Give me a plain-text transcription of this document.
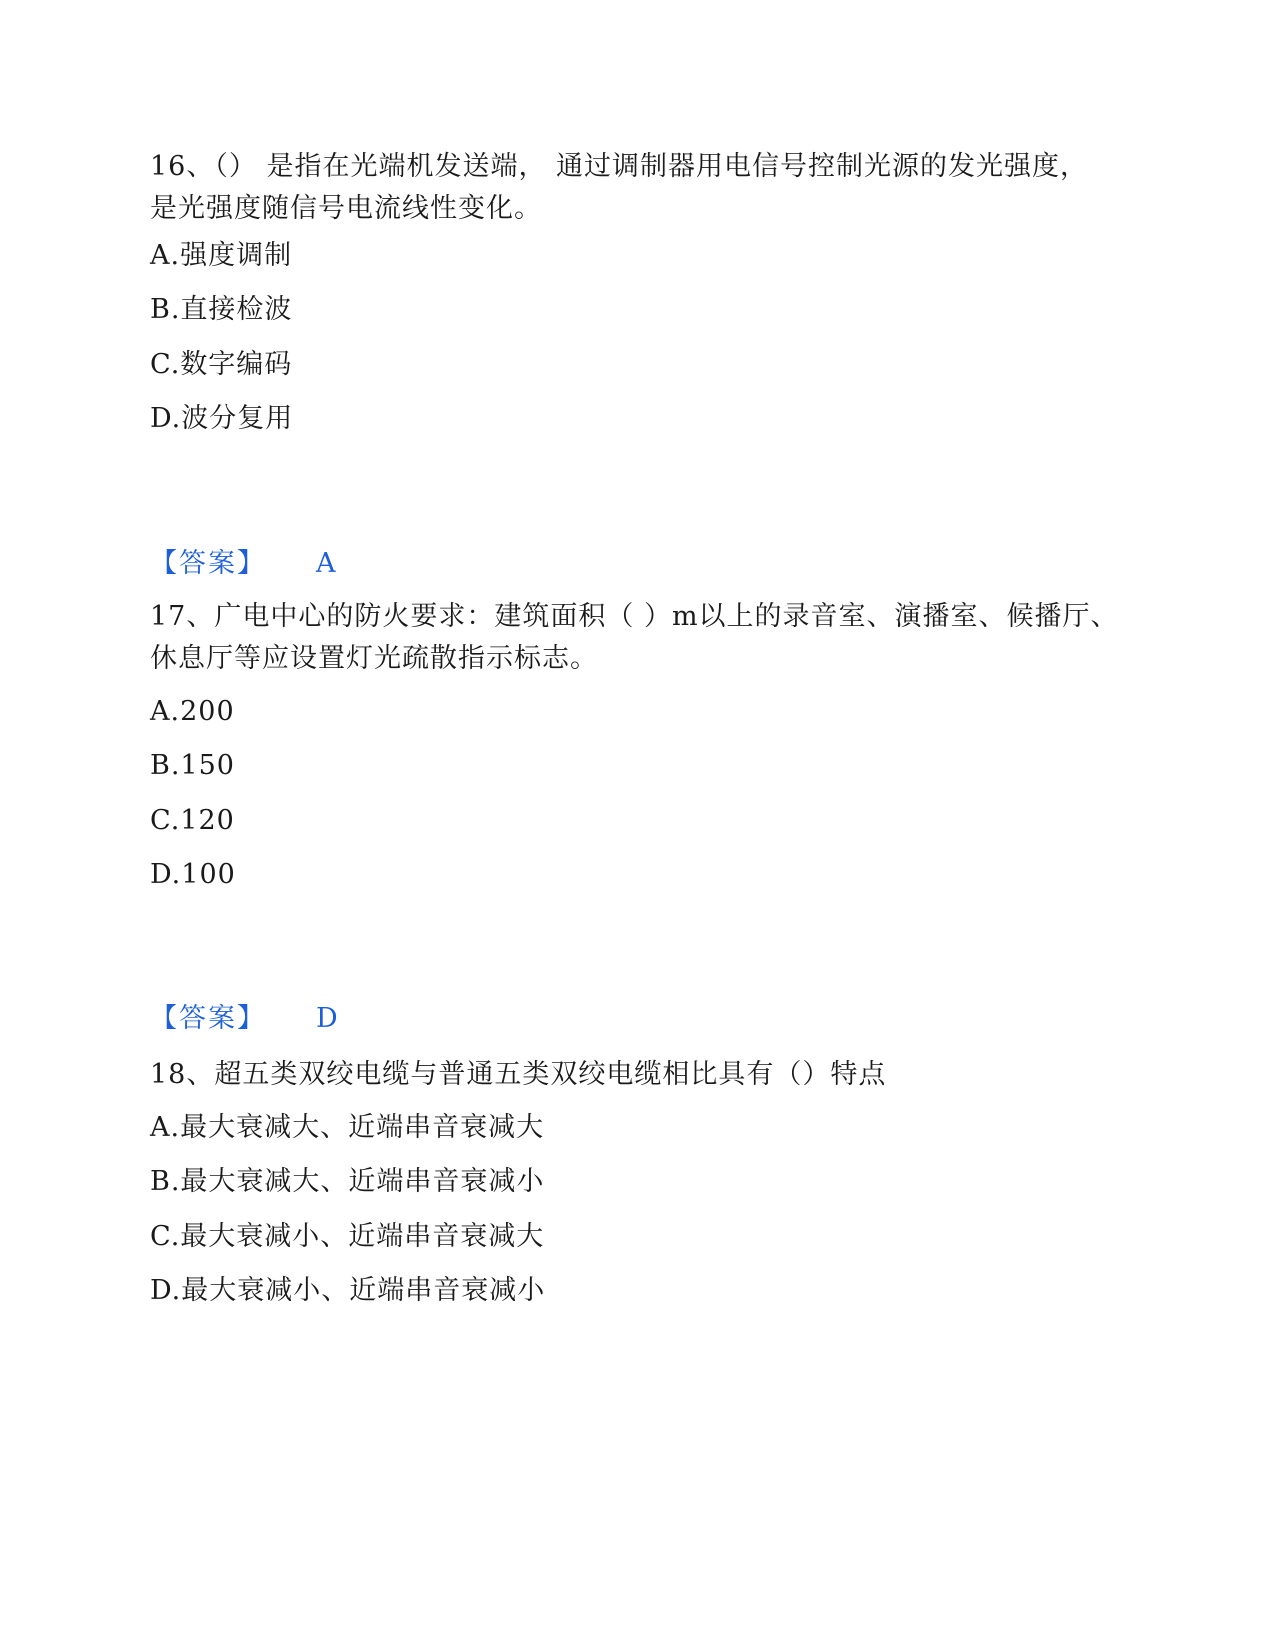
16、（） 是指在光端机发送端， 通过调制器用电信号控制光源的发光强度， 是光强度随信号电流线性变化。

A.强度调制

B.直接检波

C.数字编码

D.波分复用

【答案】 A

17、广电中心的防火要求：建筑面积（ ）m以上的录音室、演播室、候播厅、休息厅等应设置灯光疏散指示标志。

A.200

B.150

C.120

D.100

【答案】 D

18、超五类双绞电缆与普通五类双绞电缆相比具有（）特点

A.最大衰减大、近端串音衰减大

B.最大衰减大、近端串音衰减小

C.最大衰减小、近端串音衰减大

D.最大衰减小、近端串音衰减小
